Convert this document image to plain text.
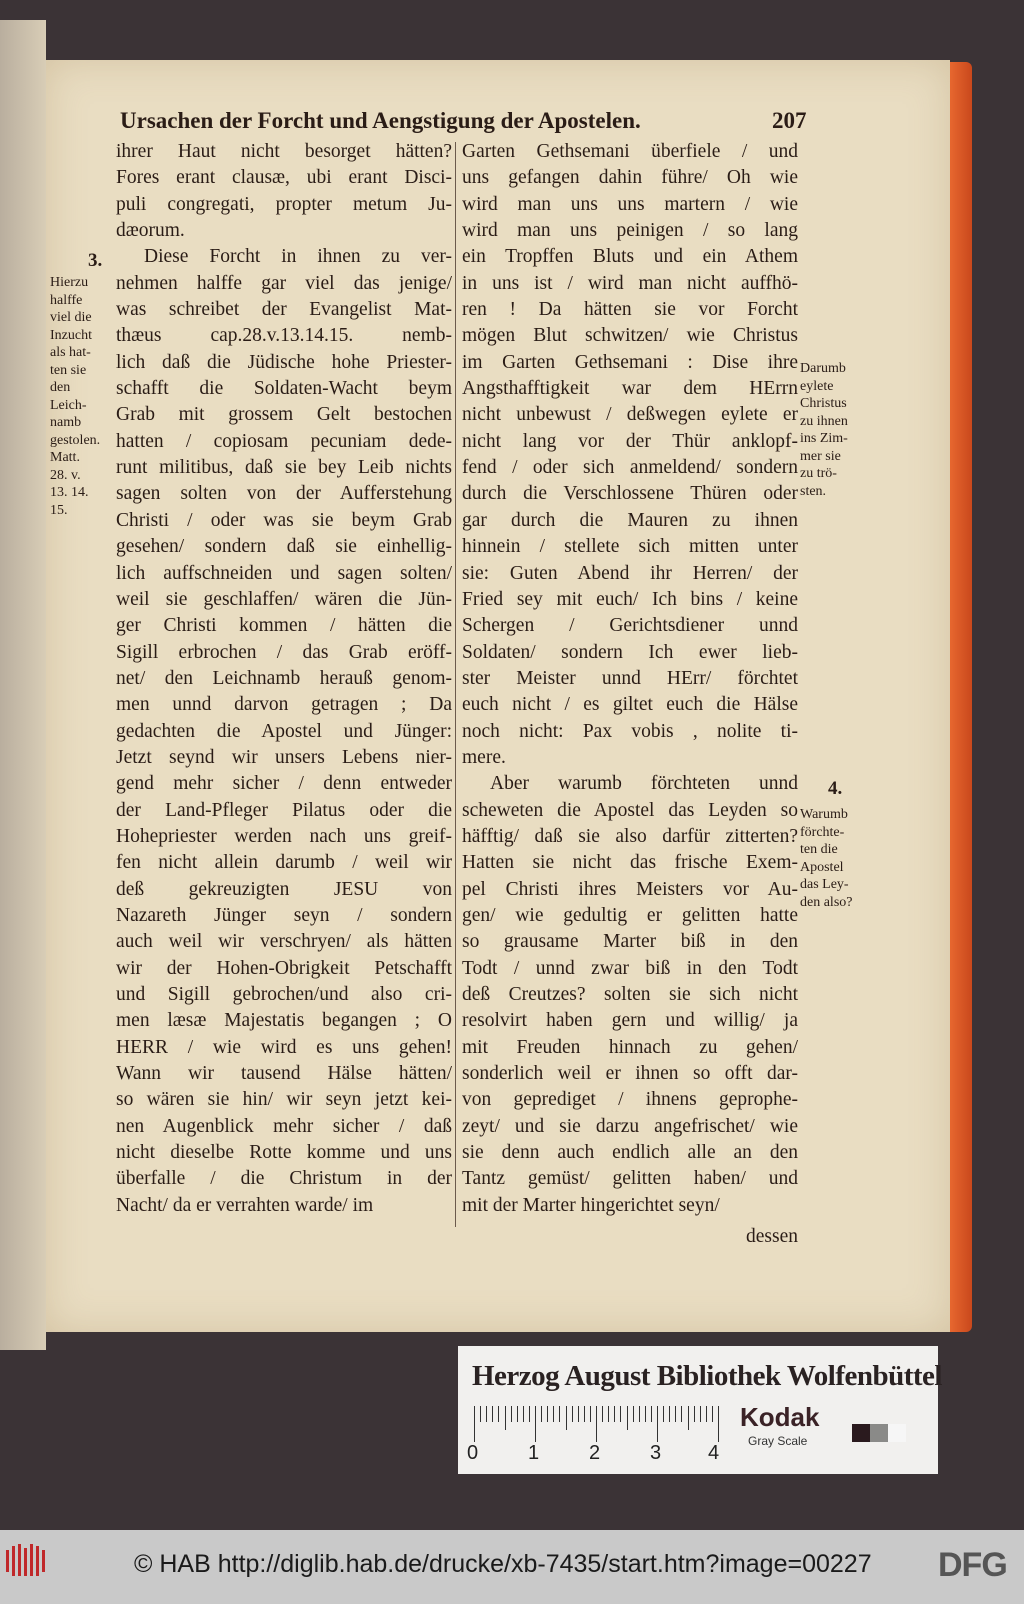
Ursachen der Forcht und Aengstigung der Apostelen.	207
ihrer Haut nicht besorget hätten?
Fores erant clausæ, ubi erant Disci-
puli congregati, propter metum Ju-
dæorum.
Diese Forcht in ihnen zu ver-
nehmen halffe gar viel das jenige/
was schreibet der Evangelist Mat-
thæus cap.28.v.13.14.15. nemb-
lich daß die Jüdische hohe Priester-
schafft die Soldaten-Wacht beym
Grab mit grossem Gelt bestochen
hatten / copiosam pecuniam dede-
runt militibus, daß sie bey Leib nichts
sagen solten von der Aufferstehung
Christi / oder was sie beym Grab
gesehen/ sondern daß sie einhellig-
lich auffschneiden und sagen solten/
weil sie geschlaffen/ wären die Jün-
ger Christi kommen / hätten die
Sigill erbrochen / das Grab eröff-
net/ den Leichnamb herauß genom-
men unnd darvon getragen ; Da
gedachten die Apostel und Jünger:
Jetzt seynd wir unsers Lebens nier-
gend mehr sicher / denn entweder
der Land-Pfleger Pilatus oder die
Hohepriester werden nach uns greif-
fen nicht allein darumb / weil wir
deß gekreuzigten JESU von
Nazareth Jünger seyn / sondern
auch weil wir verschryen/ als hätten
wir der Hohen-Obrigkeit Petschafft
und Sigill gebrochen/und also cri-
men læsæ Majestatis begangen ; O
HERR / wie wird es uns gehen!
Wann wir tausend Hälse hätten/
so wären sie hin/ wir seyn jetzt kei-
nen Augenblick mehr sicher / daß
nicht dieselbe Rotte komme und uns
überfalle / die Christum in der
Nacht/ da er verrahten warde/ im
Garten Gethsemani überfiele / und
uns gefangen dahin führe/ Oh wie
wird man uns uns martern / wie
wird man uns peinigen / so lang
ein Tropffen Bluts und ein Athem
in uns ist / wird man nicht auffhö-
ren ! Da hätten sie vor Forcht
mögen Blut schwitzen/ wie Christus
im Garten Gethsemani : Dise ihre
Angsthafftigkeit war dem HErrn
nicht unbewust / deßwegen eylete er
nicht lang vor der Thür anklopf-
fend / oder sich anmeldend/ sondern
durch die Verschlossene Thüren oder
gar durch die Mauren zu ihnen
hinnein / stellete sich mitten unter
sie: Guten Abend ihr Herren/ der
Fried sey mit euch/ Ich bins / keine
Schergen / Gerichtsdiener unnd
Soldaten/ sondern Ich ewer lieb-
ster Meister unnd HErr/ förchtet
euch nicht / es giltet euch die Hälse
noch nicht: Pax vobis , nolite ti-
mere.
Aber warumb förchteten unnd
scheweten die Apostel das Leyden so
häfftig/ daß sie also darfür zitterten?
Hatten sie nicht das frische Exem-
pel Christi ihres Meisters vor Au-
gen/ wie gedultig er gelitten hatte
so grausame Marter biß in den
Todt / unnd zwar biß in den Todt
deß Creutzes? solten sie sich nicht
resolvirt haben gern und willig/ ja
mit Freuden hinnach zu gehen/
sonderlich weil er ihnen so offt dar-
von geprediget / ihnens geprophe-
zeyt/ und sie darzu angefrischet/ wie
sie denn auch endlich alle an den
Tantz gemüst/ gelitten haben/ und
mit der Marter hingerichtet seyn/
dessen
3.
Hierzu
halffe
viel die
Inzucht
als hat-
ten sie
den
Leich-
namb
gestolen.
Matt.
28. v.
13. 14.
15.
Darumb
eylete
Christus
zu ihnen
ins Zim-
mer sie
zu trö-
sten.
4.
Warumb
förchte-
ten die
Apostel
das Ley-
den also?
Herzog August Bibliothek Wolfenbüttel
0 1 2 3 4
Kodak
Gray Scale
© HAB http://diglib.hab.de/drucke/xb-7435/start.htm?image=00227 DFG
